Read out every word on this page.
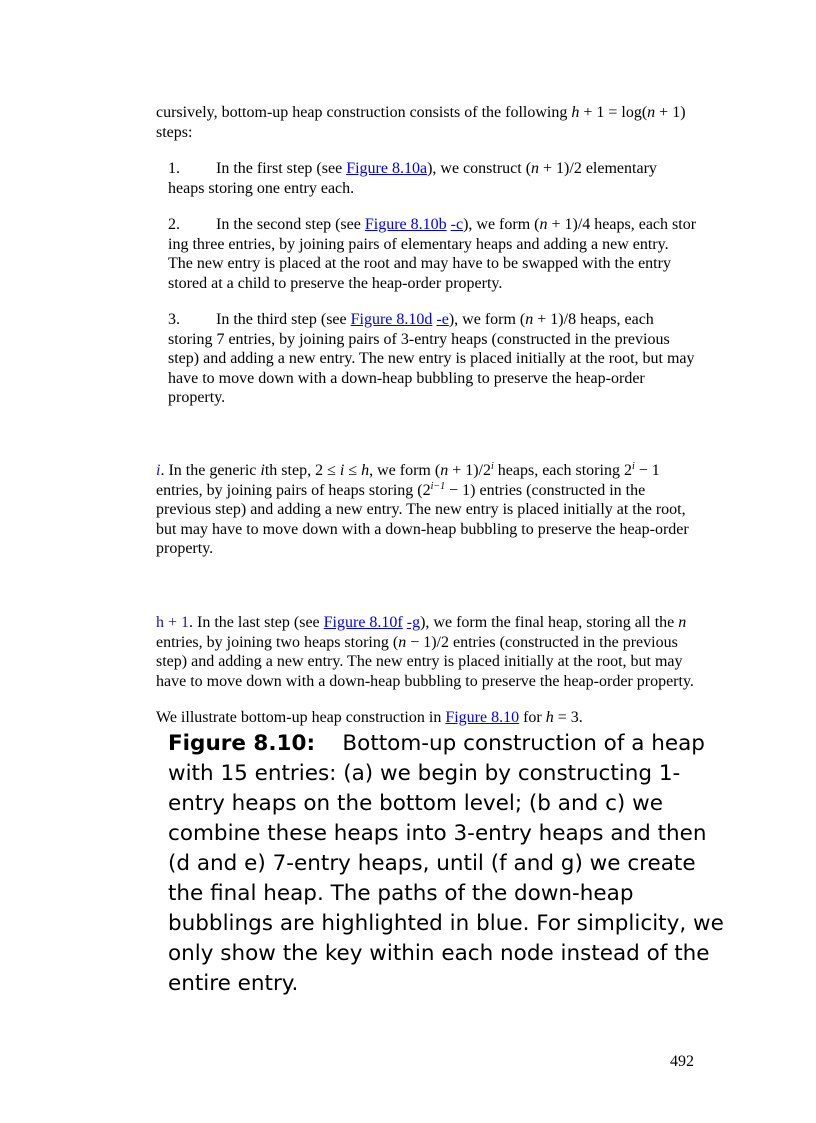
cursively, bottom-up heap construction consists of the following h + 1 = log(n + 1)
steps:

1. In the first step (see Figure 8.10a), we construct (n + 1)/2 elementary
heaps storing one entry each.

2. In the second step (see Figure 8.10b -c), we form (n + 1)/4 heaps, each stor
ing three entries, by joining pairs of elementary heaps and adding a new entry.
The new entry is placed at the root and may have to be swapped with the entry
stored at a child to preserve the heap-order property.

3. In the third step (see Figure 8.10d -e), we form (n + 1)/8 heaps, each
storing 7 entries, by joining pairs of 3-entry heaps (constructed in the previous
step) and adding a new entry. The new entry is placed initially at the root, but may
have to move down with a down-heap bubbling to preserve the heap-order
property.

i. In the generic ith step, 2 ≤ i ≤ h, we form $(n + 1)/2^i$ heaps, each storing $2^i - 1$
entries, by joining pairs of heaps storing $(2^{i-1} - 1)$ entries (constructed in the
previous step) and adding a new entry. The new entry is placed initially at the root,
but may have to move down with a down-heap bubbling to preserve the heap-order
property.

h + 1. In the last step (see Figure 8.10f -g), we form the final heap, storing all the n
entries, by joining two heaps storing (n − 1)/2 entries (constructed in the previous
step) and adding a new entry. The new entry is placed initially at the root, but may
have to move down with a down-heap bubbling to preserve the heap-order property.

We illustrate bottom-up heap construction in Figure 8.10 for h = 3.

Figure 8.10: Bottom-up construction of a heap with 15 entries: (a) we begin by constructing 1-entry heaps on the bottom level; (b and c) we combine these heaps into 3-entry heaps and then (d and e) 7-entry heaps, until (f and g) we create the final heap. The paths of the down-heap bubblings are highlighted in blue. For simplicity, we only show the key within each node instead of the entire entry.

492
